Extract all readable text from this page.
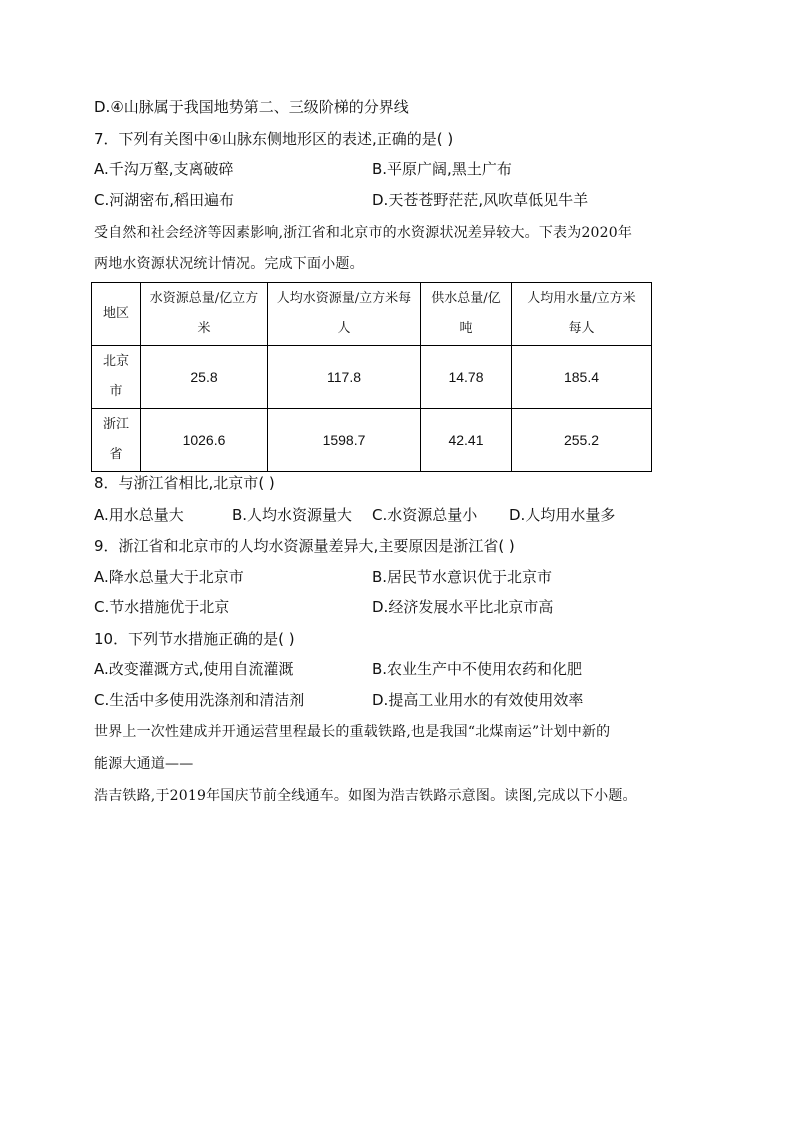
D.④山脉属于我国地势第二、三级阶梯的分界线
7．下列有关图中④山脉东侧地形区的表述,正确的是( )
A.千沟万壑,支离破碎	B.平原广阔,黑土广布
C.河湖密布,稻田遍布	D.天苍苍野茫茫,风吹草低见牛羊
受自然和社会经济等因素影响,浙江省和北京市的水资源状况差异较大。下表为2020年
两地水资源状况统计情况。完成下面小题。
地区	水资源总量/亿立方米	人均水资源量/立方米每人	供水总量/亿吨	人均用水量/立方米每人
北京市	25.8	117.8	14.78	185.4
浙江省	1026.6	1598.7	42.41	255.2
8．与浙江省相比,北京市( )
A.用水总量大	B.人均水资源量大 C.水资源总量小 D.人均用水量多
9．浙江省和北京市的人均水资源量差异大,主要原因是浙江省( )
A.降水总量大于北京市	B.居民节水意识优于北京市
C.节水措施优于北京	D.经济发展水平比北京市高
10．下列节水措施正确的是( )
A.改变灌溉方式,使用自流灌溉	B.农业生产中不使用农药和化肥
C.生活中多使用洗涤剂和清洁剂	D.提高工业用水的有效使用效率
世界上一次性建成并开通运营里程最长的重载铁路,也是我国“北煤南运”计划中新的
能源大通道——
浩吉铁路,于2019年国庆节前全线通车。如图为浩吉铁路示意图。读图,完成以下小题。
